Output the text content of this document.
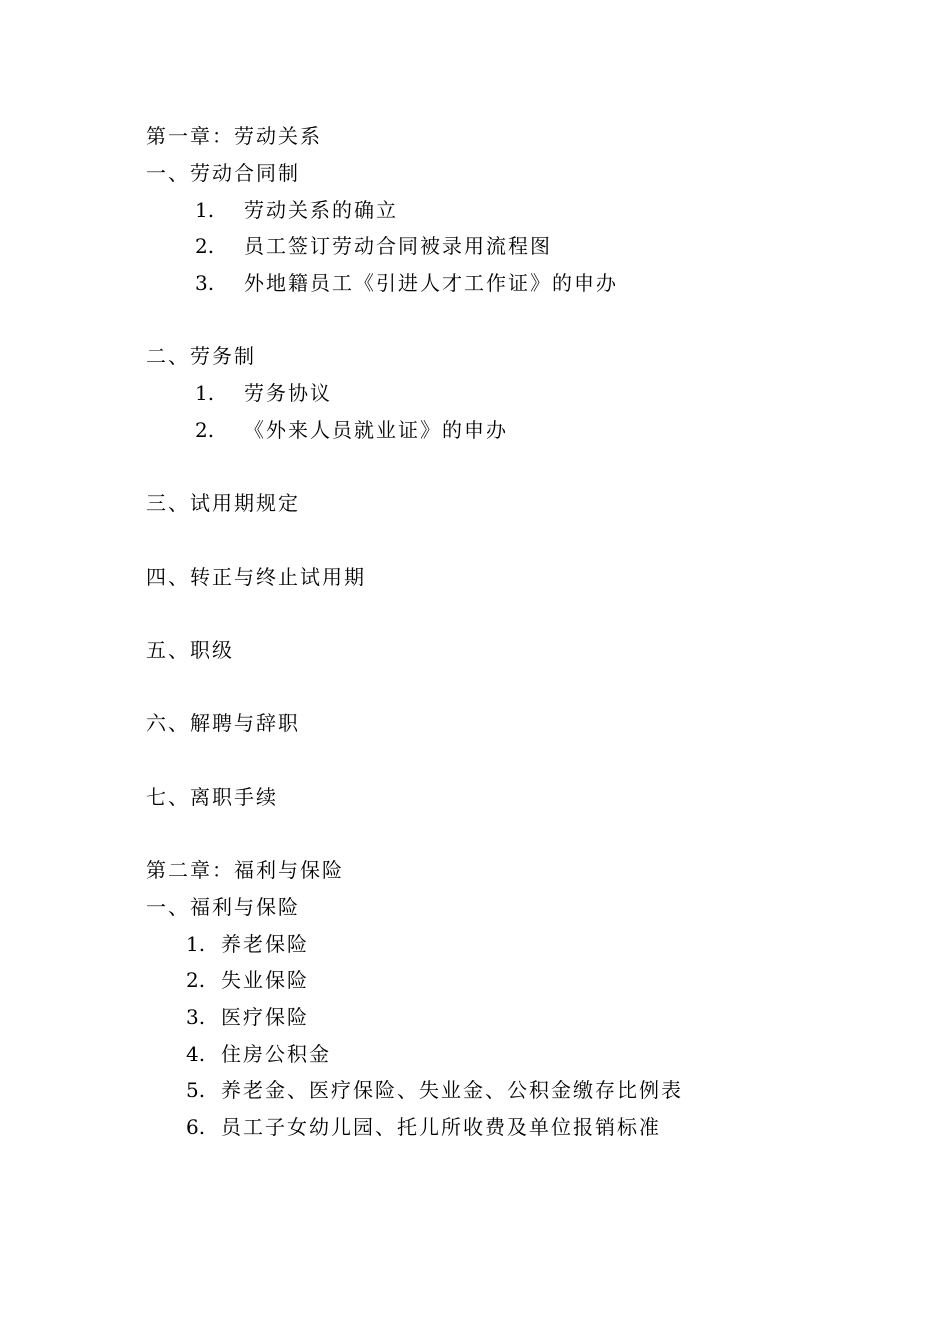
第一章：劳动关系
一、劳动合同制
1. 劳动关系的确立
2. 员工签订劳动合同被录用流程图
3. 外地籍员工《引进人才工作证》的申办
二、劳务制
1. 劳务协议
2. 《外来人员就业证》的申办
三、试用期规定
四、转正与终止试用期
五、职级
六、解聘与辞职
七、离职手续
第二章：福利与保险
一、福利与保险
1. 养老保险
2. 失业保险
3. 医疗保险
4. 住房公积金
5. 养老金、医疗保险、失业金、公积金缴存比例表
6. 员工子女幼儿园、托儿所收费及单位报销标准
